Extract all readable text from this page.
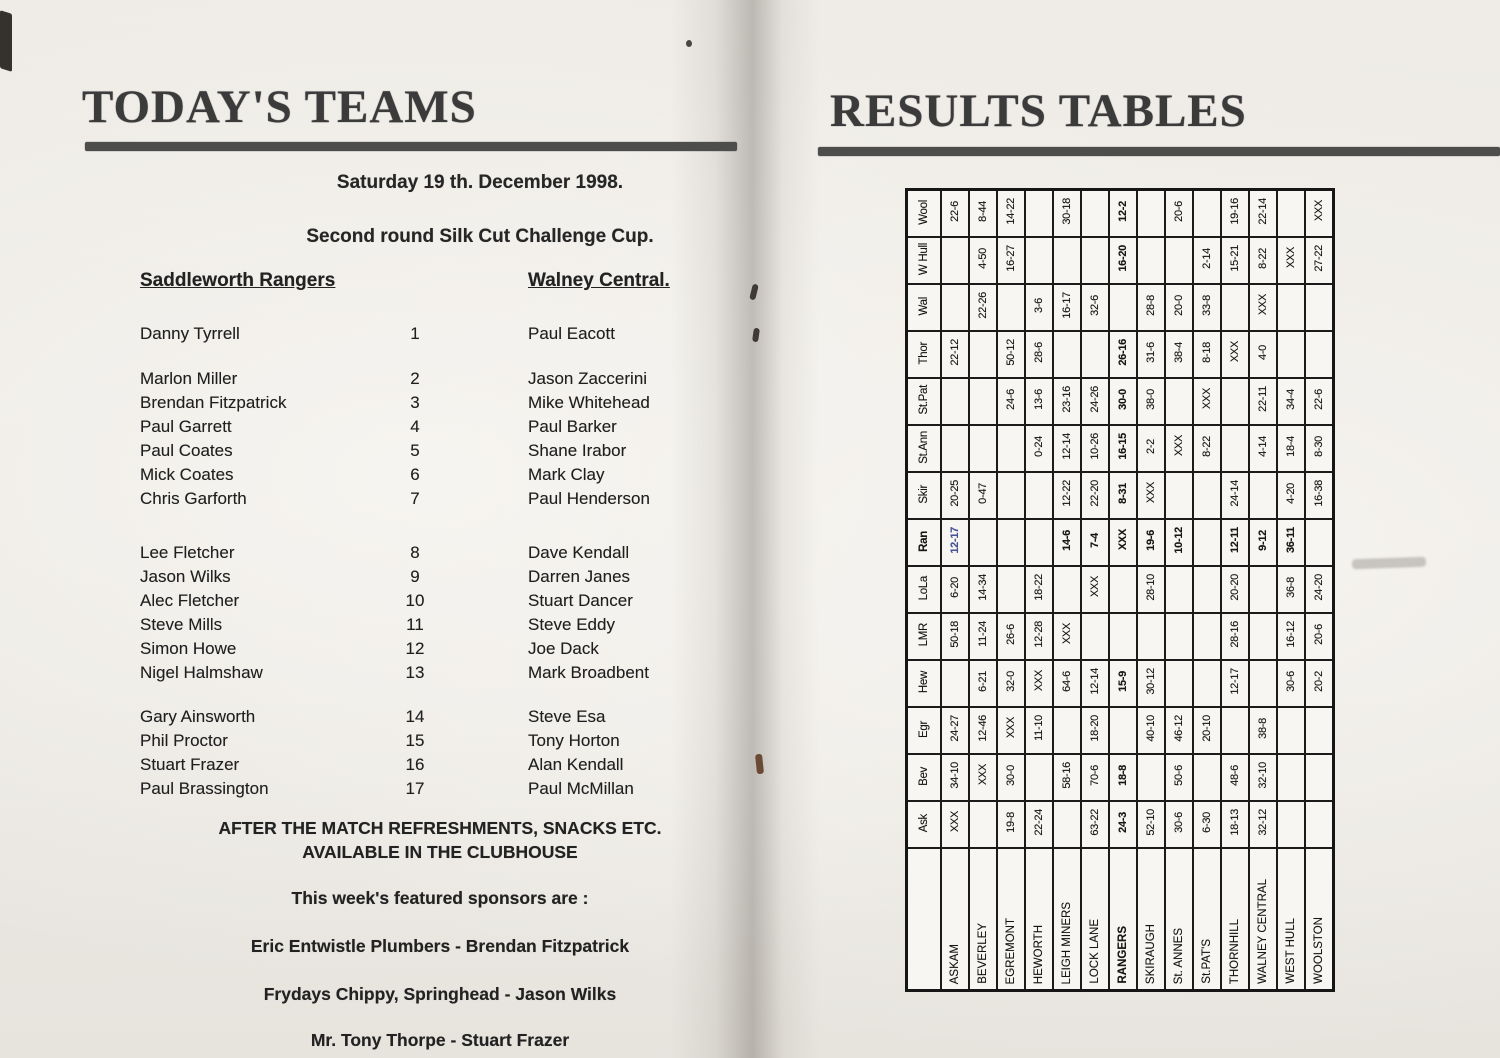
TODAY'S TEAMS
Saturday 19 th. December 1998.
Second round Silk Cut Challenge Cup.
Saddleworth Rangers	Walney Central.
Danny Tyrrell	1	Paul Eacott
Marlon Miller	2	Jason Zaccerini
Brendan Fitzpatrick	3	Mike Whitehead
Paul Garrett	4	Paul Barker
Paul Coates	5	Shane Irabor
Mick Coates	6	Mark Clay
Chris Garforth	7	Paul Henderson
Lee Fletcher	8	Dave Kendall
Jason Wilks	9	Darren Janes
Alec Fletcher	10	Stuart Dancer
Steve Mills	11	Steve Eddy
Simon Howe	12	Joe Dack
Nigel Halmshaw	13	Mark Broadbent
Gary Ainsworth	14	Steve Esa
Phil Proctor	15	Tony Horton
Stuart Frazer	16	Alan Kendall
Paul Brassington	17	Paul McMillan
AFTER THE MATCH REFRESHMENTS, SNACKS ETC.
AVAILABLE IN THE CLUBHOUSE
This week's featured sponsors are :
Eric Entwistle Plumbers - Brendan Fitzpatrick
Frydays Chippy, Springhead - Jason Wilks
Mr. Tony Thorpe - Stuart Frazer
RESULTS TABLES
Wool	22-6	8-44	14-22		30-18		12-2		20-6		19-16	22-14		XXX
W Hull		4-50	16-27				16-20			2-14	15-21	8-22	XXX	27-22
Wal		22-26		3-6	16-17	32-6		28-8	20-0	33-8		XXX		
Thor	22-12		50-12	28-6			26-16	31-6	38-4	8-18	XXX	4-0		
St.Pat			24-6	13-6	23-16	24-26	30-0	38-0		XXX		22-11	34-4	22-6
St.Ann				0-24	12-14	10-26	16-15	2-2	XXX	8-22		4-14	18-4	8-30
Skir	20-25	0-47			12-22	22-20	8-31	XXX			24-14		4-20	16-38
Ran	12-17				14-6	7-4	XXX	19-6	10-12		12-11	9-12	36-11	
LoLa	6-20	14-34		18-22		XXX		28-10			20-20		36-8	24-20
LMR	50-18	11-24	26-6	12-28	XXX						28-16		16-12	20-6
Hew		6-21	32-0	XXX	64-6	12-14	15-9	30-12			12-17		30-6	20-2
Egr	24-27	12-46	XXX	11-10		18-20		40-10	46-12	20-10		38-8		
Bev	34-10	XXX	30-0		58-16	70-6	18-8		50-6		48-6	32-10		
Ask	XXX		19-8	22-24		63-22	24-3	52-10	30-6	6-30	18-13	32-12		
	ASKAM	BEVERLEY	EGREMONT	HEWORTH	LEIGH MINERS	LOCK LANE	RANGERS	SKIRAUGH	St. ANNES	St.PAT'S	THORNHILL	WALNEY CENTRAL	WEST HULL	WOOLSTON
